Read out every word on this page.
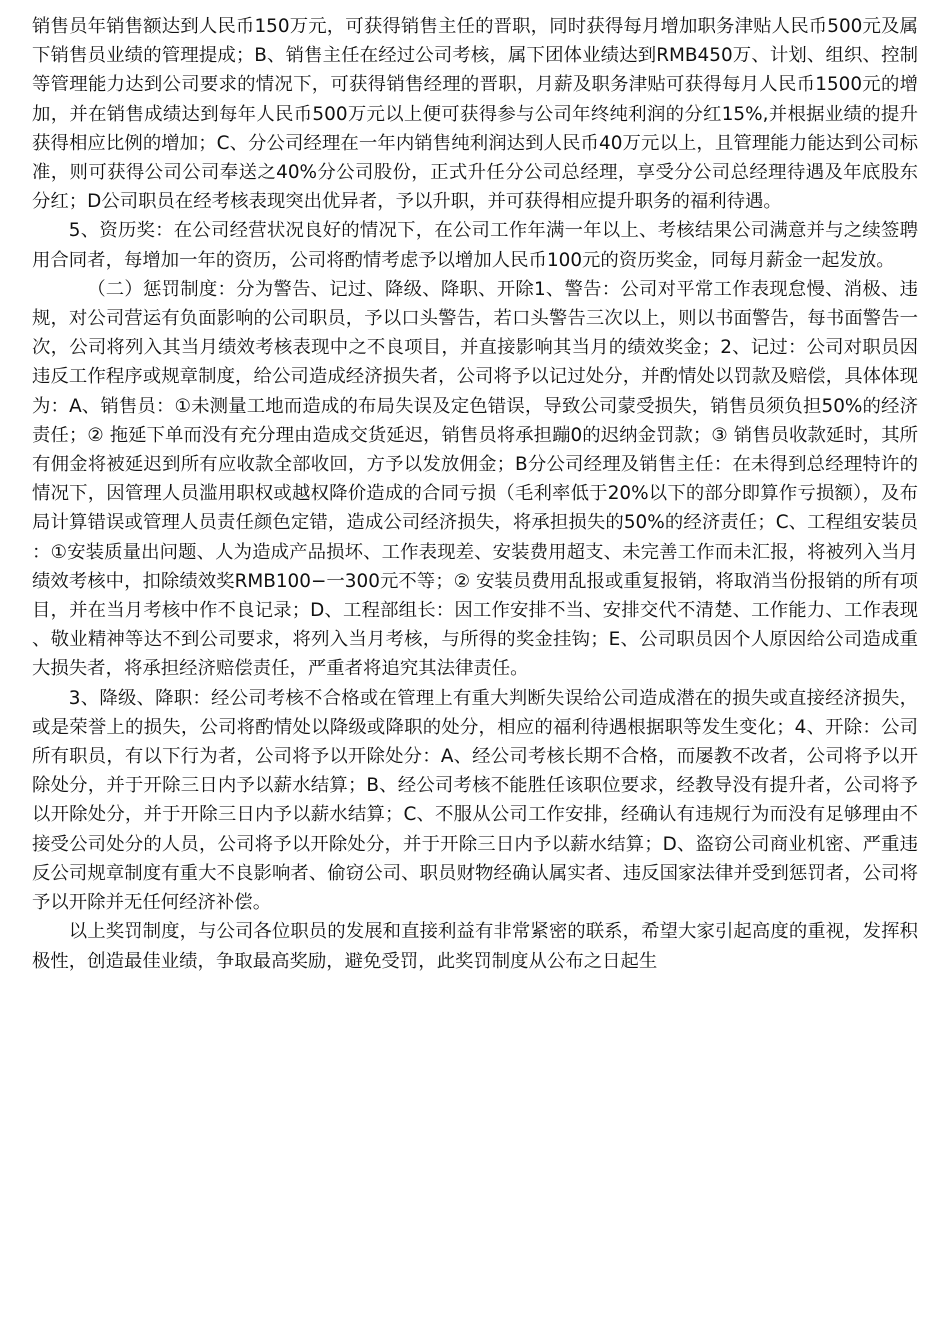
销售员年销售额达到人民币150万元，可获得销售主任的晋职，同时获得每月增加职务津贴人民币500元及属下销售员业绩的管理提成；B、销售主任在经过公司考核，属下团体业绩达到RMB450万、计划、组织、控制等管理能力达到公司要求的情况下，可获得销售经理的晋职，月薪及职务津贴可获得每月人民币1500元的增加，并在销售成绩达到每年人民币500万元以上便可获得参与公司年终纯利润的分红15%,并根据业绩的提升获得相应比例的增加；C、分公司经理在一年内销售纯利润达到人民币40万元以上，且管理能力能达到公司标准，则可获得公司公司奉送之40%分公司股份，正式升任分公司总经理，享受分公司总经理待遇及年底股东分红；D公司职员在经考核表现突出优异者，予以升职，并可获得相应提升职务的福利待遇。

5、资历奖：在公司经营状况良好的情况下，在公司工作年满一年以上、考核结果公司满意并与之续签聘用合同者，每增加一年的资历，公司将酌情考虑予以增加人民币100元的资历奖金，同每月薪金一起发放。

（二）惩罚制度：分为警告、记过、降级、降职、开除1、警告：公司对平常工作表现怠慢、消极、违规，对公司营运有负面影响的公司职员，予以口头警告，若口头警告三次以上，则以书面警告，每书面警告一次，公司将列入其当月绩效考核表现中之不良项目，并直接影响其当月的绩效奖金；2、记过：公司对职员因违反工作程序或规章制度，给公司造成经济损失者，公司将予以记过处分，并酌情处以罚款及赔偿，具体体现为：A、销售员：①未测量工地而造成的布局失误及定色错误，导致公司蒙受损失，销售员须负担50%的经济责任；② 拖延下单而没有充分理由造成交货延迟，销售员将承担蹦0的迟纳金罚款；③ 销售员收款延时，其所有佣金将被延迟到所有应收款全部收回，方予以发放佣金；B分公司经理及销售主任：在未得到总经理特许的情况下，因管理人员滥用职权或越权降价造成的合同亏损（毛利率低于20%以下的部分即算作亏损额），及布局计算错误或管理人员责任颜色定错，造成公司经济损失，将承担损失的50%的经济责任；C、工程组安装员：①安装质量出问题、人为造成产品损坏、工作表现差、安装费用超支、未完善工作而未汇报，将被列入当月绩效考核中，扣除绩效奖RMB100−一300元不等；② 安装员费用乱报或重复报销，将取消当份报销的所有项目，并在当月考核中作不良记录；D、工程部组长：因工作安排不当、安排交代不清楚、工作能力、工作表现、敬业精神等达不到公司要求，将列入当月考核，与所得的奖金挂钩；E、公司职员因个人原因给公司造成重大损失者，将承担经济赔偿责任，严重者将追究其法律责任。

3、降级、降职：经公司考核不合格或在管理上有重大判断失误给公司造成潜在的损失或直接经济损失，或是荣誉上的损失，公司将酌情处以降级或降职的处分，相应的福利待遇根据职等发生变化；4、开除：公司所有职员，有以下行为者，公司将予以开除处分：A、经公司考核长期不合格，而屡教不改者，公司将予以开除处分，并于开除三日内予以薪水结算；B、经公司考核不能胜任该职位要求，经教导没有提升者，公司将予以开除处分，并于开除三日内予以薪水结算；C、不服从公司工作安排，经确认有违规行为而没有足够理由不接受公司处分的人员，公司将予以开除处分，并于开除三日内予以薪水结算；D、盗窃公司商业机密、严重违反公司规章制度有重大不良影响者、偷窃公司、职员财物经确认属实者、违反国家法律并受到惩罚者，公司将予以开除并无任何经济补偿。

以上奖罚制度，与公司各位职员的发展和直接利益有非常紧密的联系，希望大家引起高度的重视，发挥积极性，创造最佳业绩，争取最高奖励，避免受罚，此奖罚制度从公布之日起生
